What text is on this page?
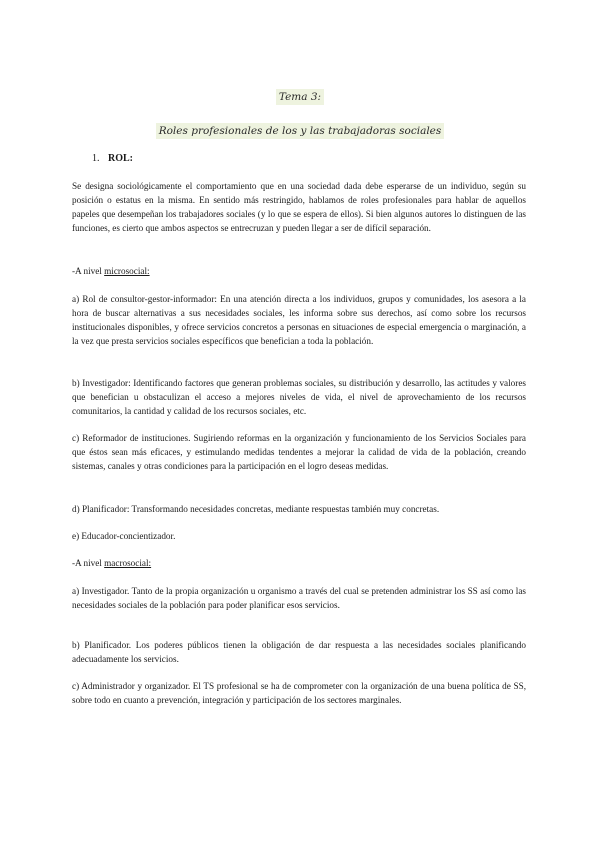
Tema 3:
Roles profesionales de los y las trabajadoras sociales
1. ROL:

Se designa sociológicamente el comportamiento que en una sociedad dada debe esperarse de un individuo, según su posición o estatus en la misma. En sentido más restringido, hablamos de roles profesionales para hablar de aquellos papeles que desempeñan los trabajadores sociales (y lo que se espera de ellos). Si bien algunos autores lo distinguen de las funciones, es cierto que ambos aspectos se entrecruzan y pueden llegar a ser de difícil separación.

-A nivel microsocial:

a) Rol de consultor-gestor-informador: En una atención directa a los individuos, grupos y comunidades, los asesora a la hora de buscar alternativas a sus necesidades sociales, les informa sobre sus derechos, así como sobre los recursos institucionales disponibles, y ofrece servicios concretos a personas en situaciones de especial emergencia o marginación, a la vez que presta servicios sociales específicos que benefician a toda la población.

b) Investigador: Identificando factores que generan problemas sociales, su distribución y desarrollo, las actitudes y valores que benefician u obstaculizan el acceso a mejores niveles de vida, el nivel de aprovechamiento de los recursos comunitarios, la cantidad y calidad de los recursos sociales, etc.

c) Reformador de instituciones. Sugiriendo reformas en la organización y funcionamiento de los Servicios Sociales para que éstos sean más eficaces, y estimulando medidas tendentes a mejorar la calidad de vida de la población, creando sistemas, canales y otras condiciones para la participación en el logro deseas medidas.

d) Planificador: Transformando necesidades concretas, mediante respuestas también muy concretas.

e) Educador-concientizador.

-A nivel macrosocial:

a) Investigador. Tanto de la propia organización u organismo a través del cual se pretenden administrar los SS así como las necesidades sociales de la población para poder planificar esos servicios.

b) Planificador. Los poderes públicos tienen la obligación de dar respuesta a las necesidades sociales planificando adecuadamente los servicios.

c) Administrador y organizador. El TS profesional se ha de comprometer con la organización de una buena política de SS, sobre todo en cuanto a prevención, integración y participación de los sectores marginales.
